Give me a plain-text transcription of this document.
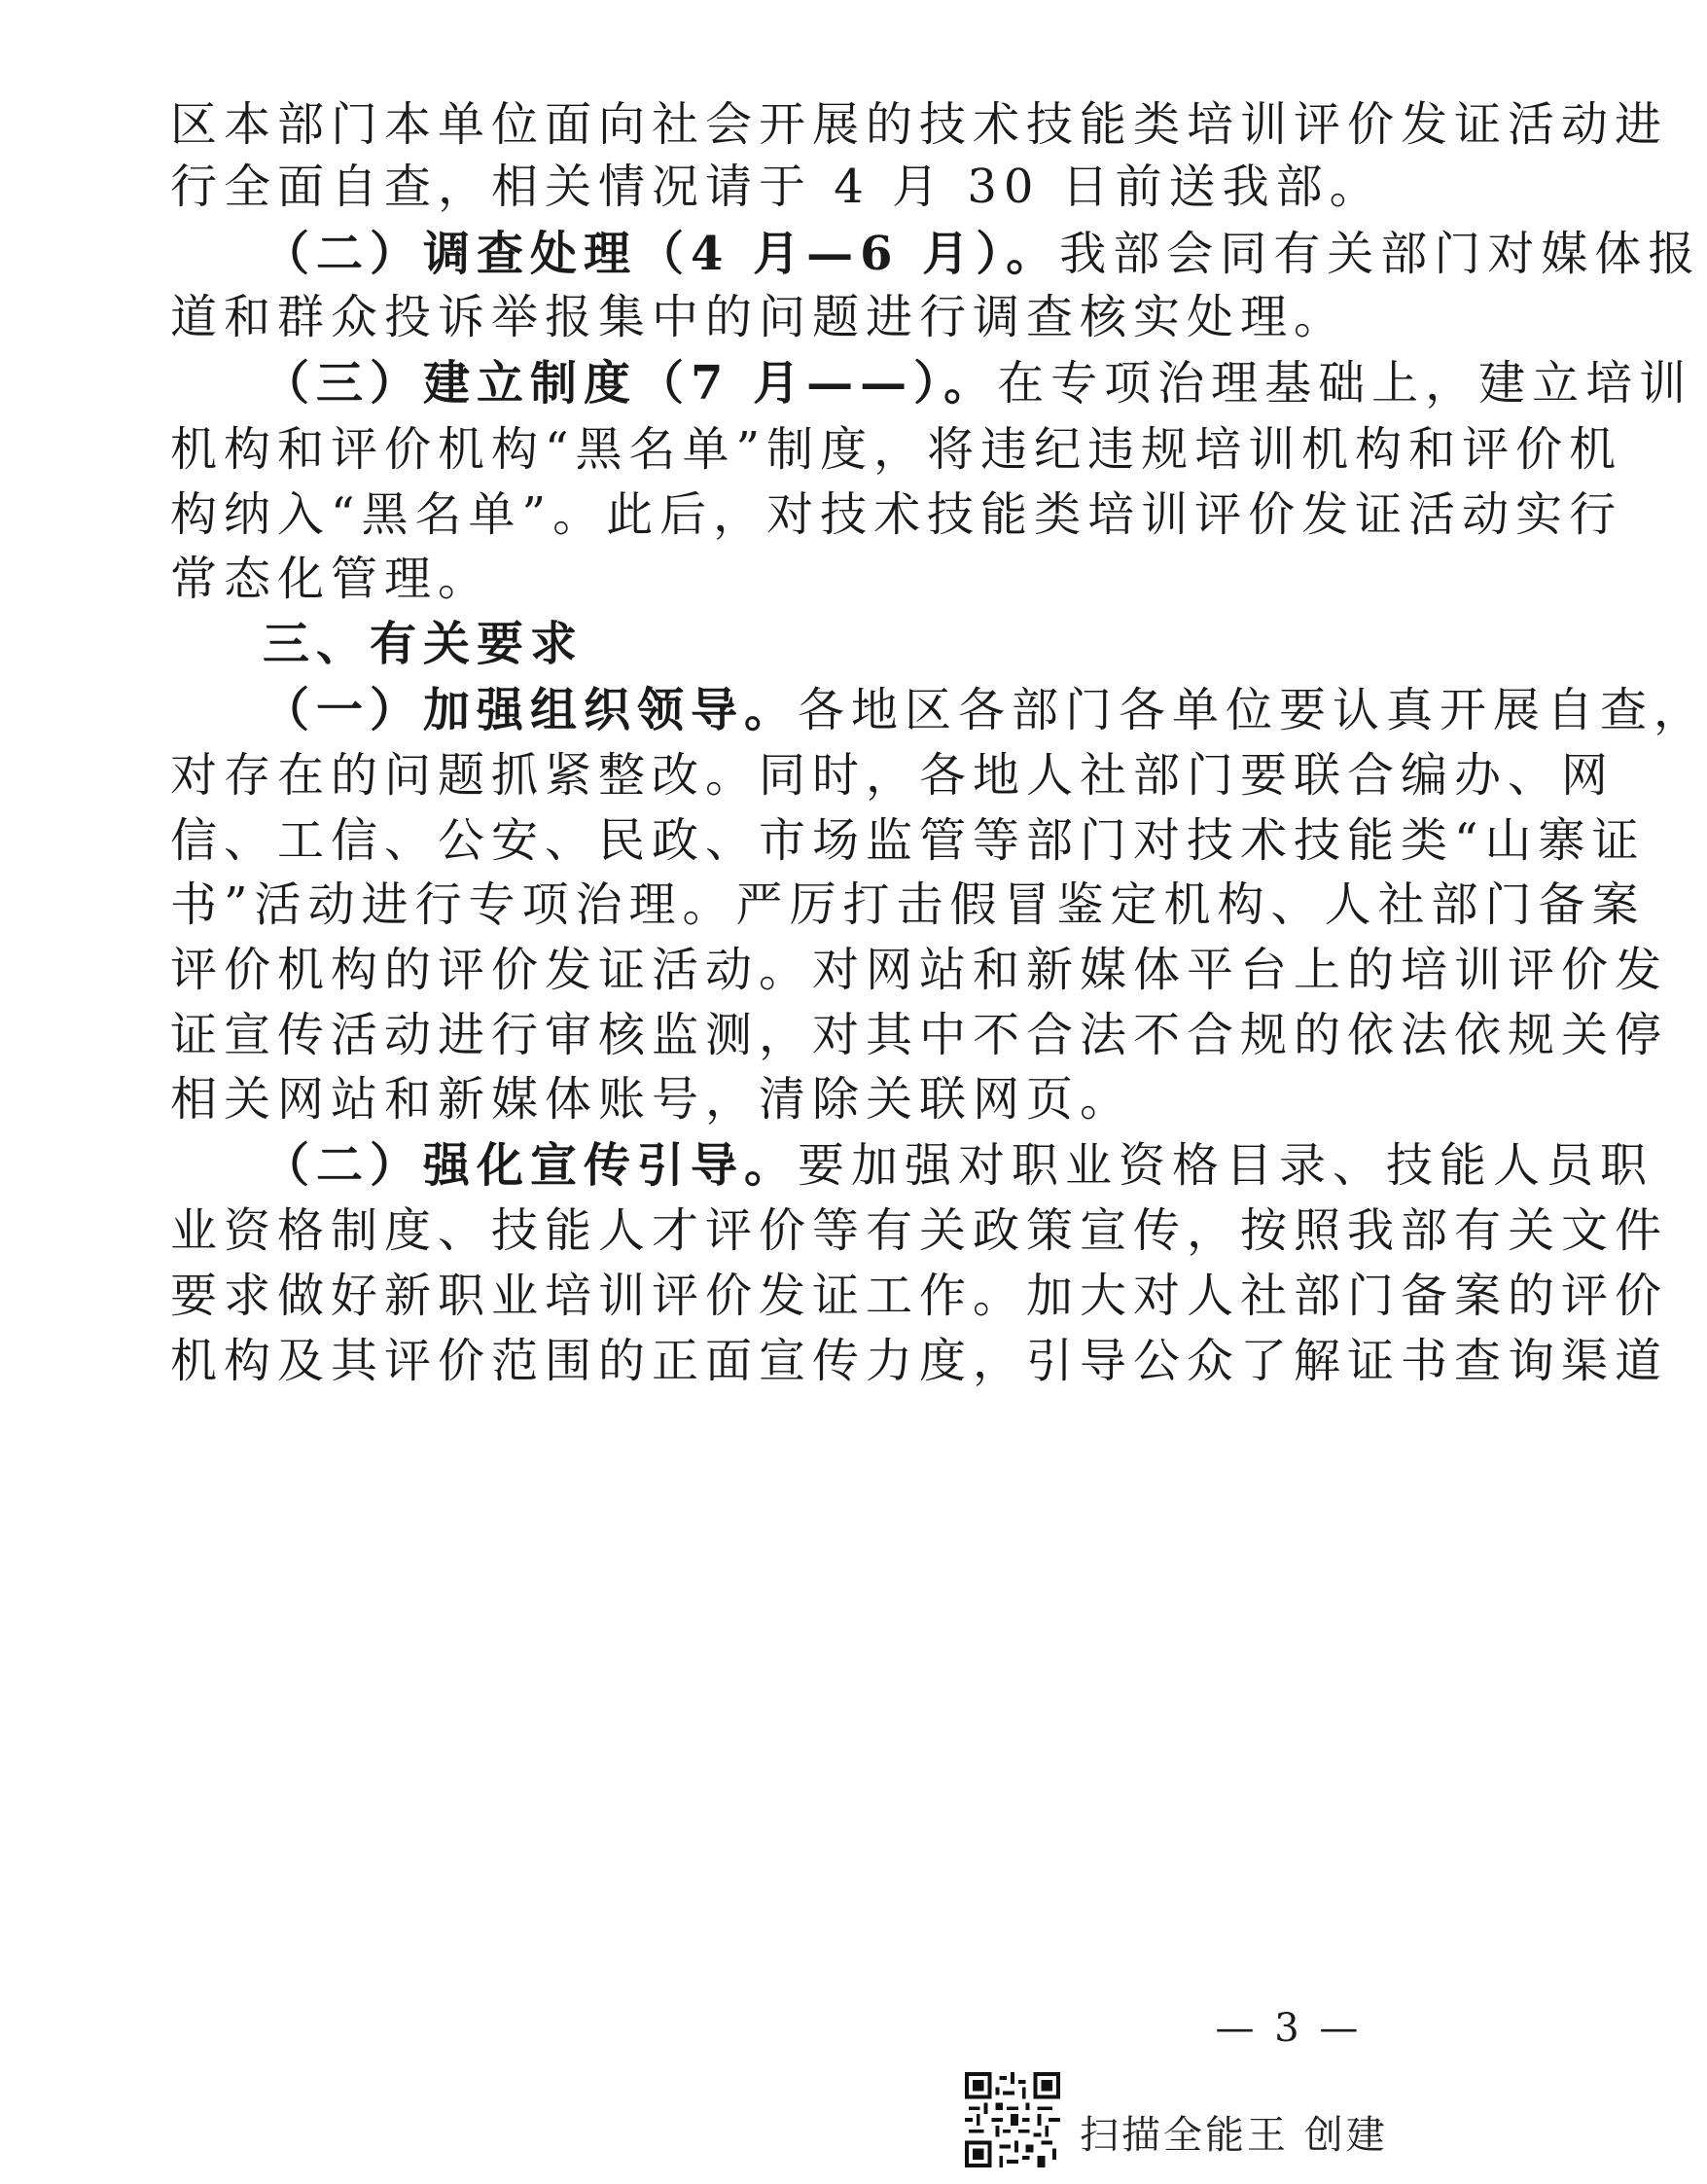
区本部门本单位面向社会开展的技术技能类培训评价发证活动进
行全面自查，相关情况请于 4 月 30 日前送我部。
（二）调查处理（4 月—6 月）。我部会同有关部门对媒体报
道和群众投诉举报集中的问题进行调查核实处理。
（三）建立制度（7 月——）。在专项治理基础上，建立培训
机构和评价机构“黑名单”制度，将违纪违规培训机构和评价机
构纳入“黑名单”。此后，对技术技能类培训评价发证活动实行
常态化管理。
三、有关要求
（一）加强组织领导。各地区各部门各单位要认真开展自查，
对存在的问题抓紧整改。同时，各地人社部门要联合编办、网
信、工信、公安、民政、市场监管等部门对技术技能类“山寨证
书”活动进行专项治理。严厉打击假冒鉴定机构、人社部门备案
评价机构的评价发证活动。对网站和新媒体平台上的培训评价发
证宣传活动进行审核监测，对其中不合法不合规的依法依规关停
相关网站和新媒体账号，清除关联网页。
（二）强化宣传引导。要加强对职业资格目录、技能人员职
业资格制度、技能人才评价等有关政策宣传，按照我部有关文件
要求做好新职业培训评价发证工作。加大对人社部门备案的评价
机构及其评价范围的正面宣传力度，引导公众了解证书查询渠道
— 3 —
扫描全能王 创建
